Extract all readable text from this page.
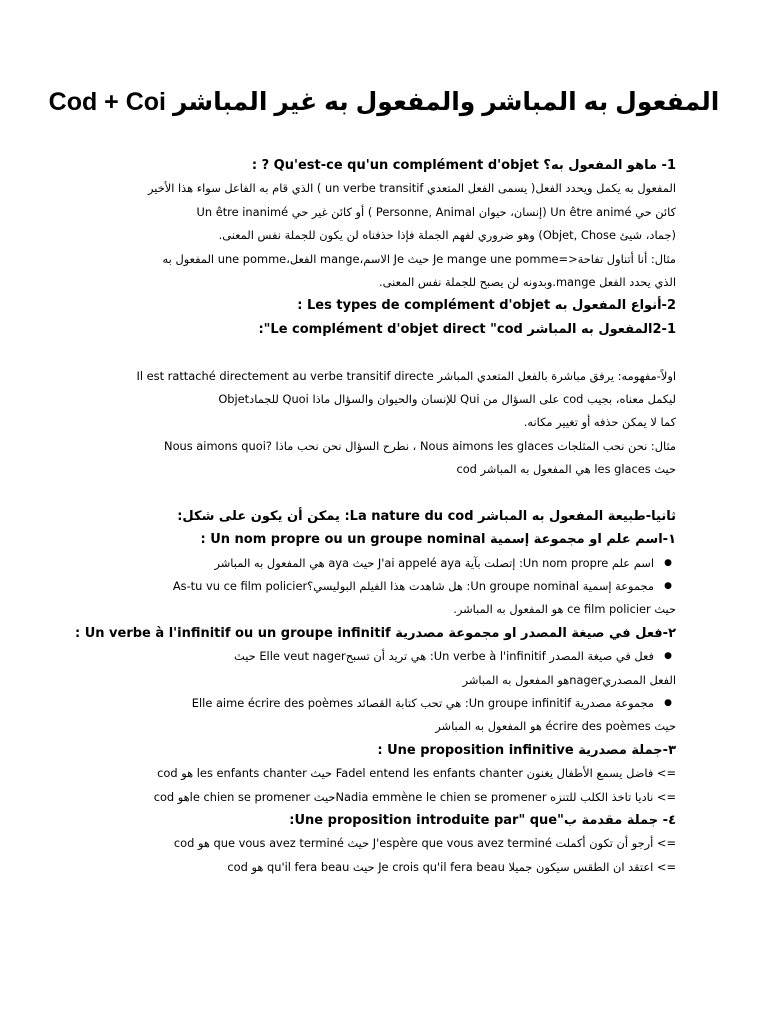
المفعول به المباشر والمفعول به غير المباشر Cod + Coi
1- ماهو المفعول به؟ Qu'est-ce qu'un complément d'objet ? :
المفعول به يكمل ويحدد الفعل( يسمى الفعل المتعدي un verbe transitif ) الذي قام به الفاعل سواء هذا الأخير
كائن حي Un être animé (إنسان، حيوان Personne, Animal ) أو كائن غير حي Un être inanimé
(جماد، شيئ Objet, Chose) وهو ضروري لفهم الجملة فإذا حذفناه لن يكون للجملة نفس المعنى.
مثال: أنا أتناول تفاحة<=Je mange une pomme حيث Je الاسم،mange الفعل،une pomme المفعول به
الذي يحدد الفعل mange.وبدونه لن يصبح للجملة نفس المعنى.
2-أنواع المفعول به Les types de complément d'objet :
2-1المفعول به المباشر Le complément d'objet direct "cod":
اولاً-مفهومه: يرفق مباشرة بالفعل المتعدي المباشر Il est rattaché directement au verbe transitif directe
ليكمل معناه، بجيب cod على السؤال من Qui للإنسان والحيوان والسؤال ماذا Quoi للجمادObjet
كما لا يمكن حذفه أو تغيير مكانه.
مثال: نحن نحب المثلجات Nous aimons les glaces ، نطرح السؤال نحن نحب ماذا ?Nous aimons quoi
حيث les glaces هي المفعول به المباشر cod
ثانيا-طبيعة المفعول به المباشر La nature du cod: يمكن أن يكون على شكل:
١-اسم علم او مجموعة إسمية Un nom propre ou un groupe nominal :
● اسم علم Un nom propre: إتصلت بآية J'ai appelé aya حيث aya هي المفعول به المباشر
● مجموعة إسمية Un groupe nominal: هل شاهدت هذا الفيلم البوليسي؟As-tu vu ce film policier
حيث ce film policier هو المفعول به المباشر.
٢-فعل في صيغة المصدر او مجموعة مصدرية Un verbe à l'infinitif ou un groupe infinitif :
● فعل في صيغة المصدر Un verbe à l'infinitif: هي تريد أن تسبحElle veut nager حيث
الفعل المصدريnagerهو المفعول به المباشر
● مجموعة مصدرية Un groupe infinitif: هي تحب كتابة القصائد Elle aime écrire des poèmes
حيث écrire des poèmes هو المفعول به المباشر
٣-جملة مصدرية Une proposition infinitive :
=> فاضل يسمع الأطفال يغنون Fadel entend les enfants chanter حيث les enfants chanter هو cod
=> ناديا تاخذ الكلب للتنزه Nadia emmène le chien se promenerحيث le chien se promenerهو cod
٤- جملة مقدمة ب"Une proposition introduite par" que:
=> أرجو أن تكون أكملت J'espère que vous avez terminé حيث que vous avez terminé هو cod
=> اعتقد ان الطقس سيكون جميلا Je crois qu'il fera beau حيث qu'il fera beau هو cod
